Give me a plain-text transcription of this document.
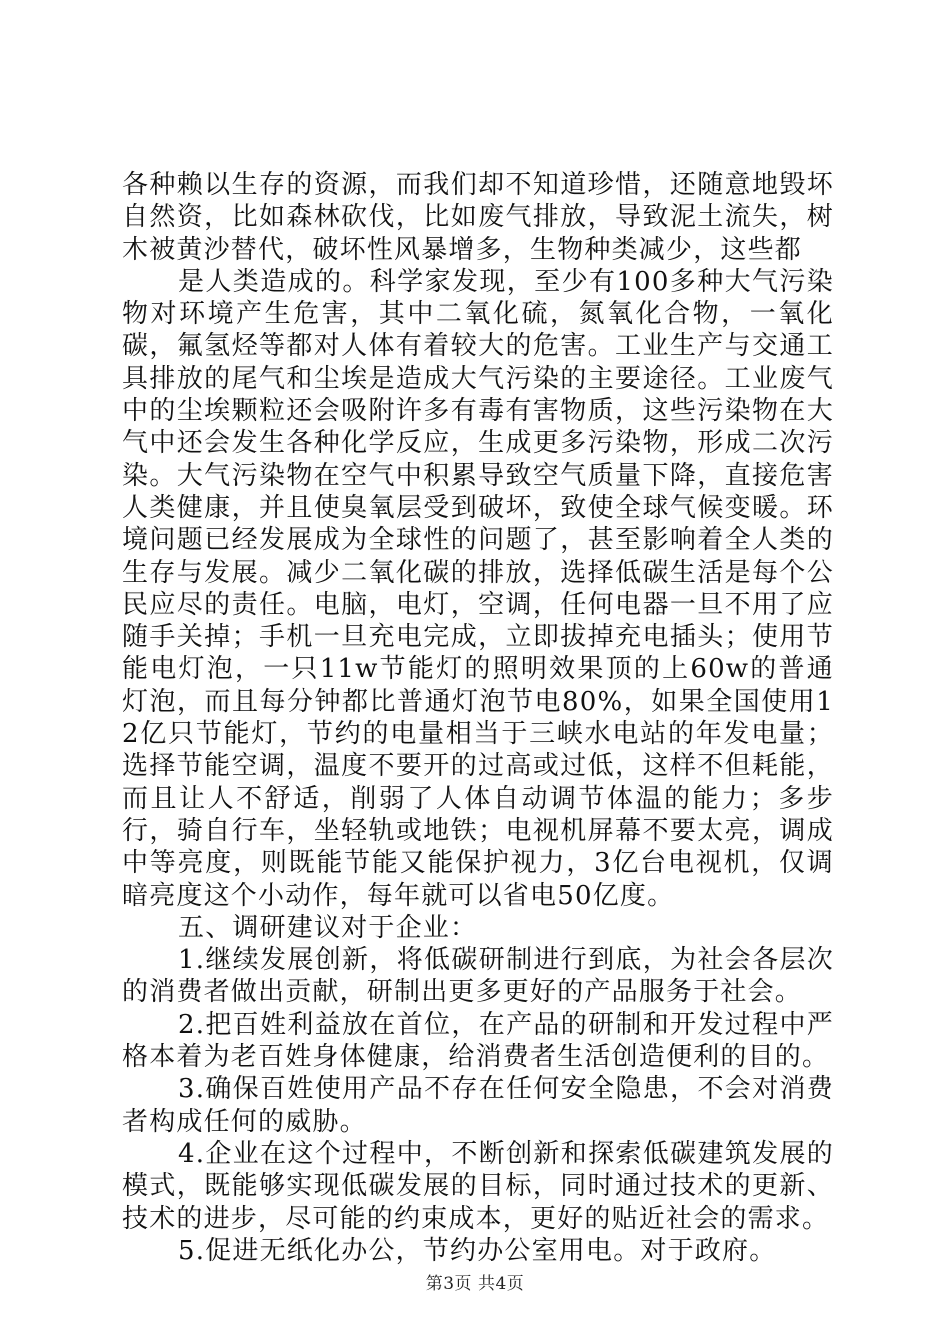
各种赖以生存的资源，而我们却不知道珍惜，还随意地毁坏自然资，比如森林砍伐，比如废气排放，导致泥土流失，树木被黄沙替代，破坏性风暴增多，生物种类减少，这些都

是人类造成的。科学家发现，至少有100多种大气污染物对环境产生危害，其中二氧化硫，氮氧化合物，一氧化碳，氟氢烃等都对人体有着较大的危害。工业生产与交通工具排放的尾气和尘埃是造成大气污染的主要途径。工业废气中的尘埃颗粒还会吸附许多有毒有害物质，这些污染物在大气中还会发生各种化学反应，生成更多污染物，形成二次污染。大气污染物在空气中积累导致空气质量下降，直接危害人类健康，并且使臭氧层受到破坏，致使全球气候变暖。环境问题已经发展成为全球性的问题了，甚至影响着全人类的生存与发展。减少二氧化碳的排放，选择低碳生活是每个公民应尽的责任。电脑，电灯，空调，任何电器一旦不用了应随手关掉；手机一旦充电完成，立即拔掉充电插头；使用节能电灯泡，一只11w节能灯的照明效果顶的上60w的普通灯泡，而且每分钟都比普通灯泡节电80%，如果全国使用12亿只节能灯，节约的电量相当于三峡水电站的年发电量；选择节能空调，温度不要开的过高或过低，这样不但耗能，而且让人不舒适，削弱了人体自动调节体温的能力；多步行，骑自行车，坐轻轨或地铁；电视机屏幕不要太亮，调成中等亮度，则既能节能又能保护视力，3亿台电视机，仅调暗亮度这个小动作，每年就可以省电50亿度。

五、调研建议对于企业：

1.继续发展创新，将低碳研制进行到底，为社会各层次的消费者做出贡献，研制出更多更好的产品服务于社会。

2.把百姓利益放在首位，在产品的研制和开发过程中严格本着为老百姓身体健康，给消费者生活创造便利的目的。

3.确保百姓使用产品不存在任何安全隐患，不会对消费者构成任何的威胁。

4.企业在这个过程中，不断创新和探索低碳建筑发展的模式，既能够实现低碳发展的目标，同时通过技术的更新、技术的进步，尽可能的约束成本，更好的贴近社会的需求。

5.促进无纸化办公，节约办公室用电。对于政府。

第3页 共4页
